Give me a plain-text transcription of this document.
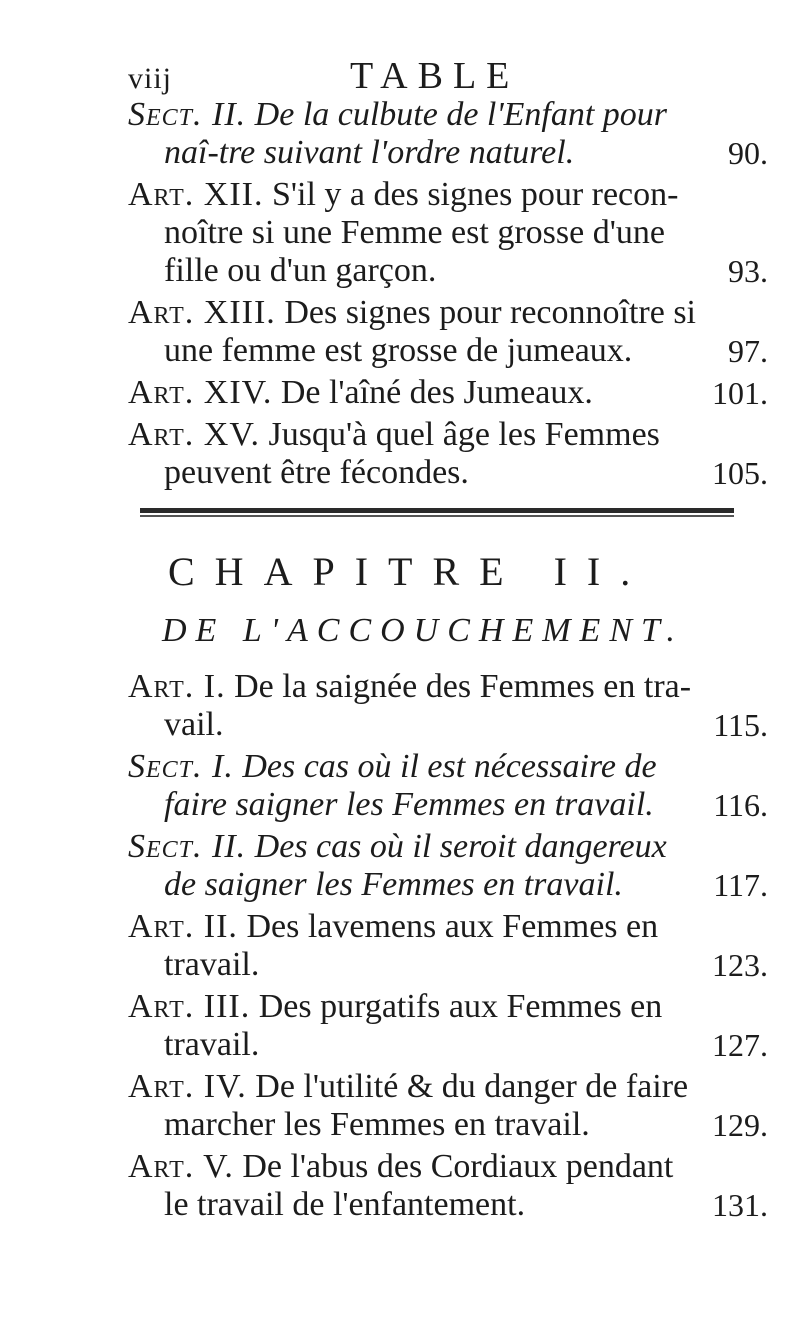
viij	TABLE
Sect. II. De la culbute de l'Enfant pour naî-tre suivant l'ordre naturel.	90.
Art. XII. S'il y a des signes pour recon-noître si une Femme est grosse d'une fille ou d'un garçon.	93.
Art. XIII. Des signes pour reconnoître si une femme est grosse de jumeaux.	97.
Art. XIV. De l'aîné des Jumeaux.	101.
Art. XV. Jusqu'à quel âge les Femmes peuvent être fécondes.	105.
CHAPITRE II.
DE L'ACCOUCHEMENT.
Art. I. De la saignée des Femmes en tra-vail.	115.
Sect. I. Des cas où il est nécessaire de faire saigner les Femmes en travail.	116.
Sect. II. Des cas où il seroit dangereux de saigner les Femmes en travail.	117.
Art. II. Des lavemens aux Femmes en travail.	123.
Art. III. Des purgatifs aux Femmes en travail.	127.
Art. IV. De l'utilité & du danger de faire marcher les Femmes en travail.	129.
Art. V. De l'abus des Cordiaux pendant le travail de l'enfantement.	131.
